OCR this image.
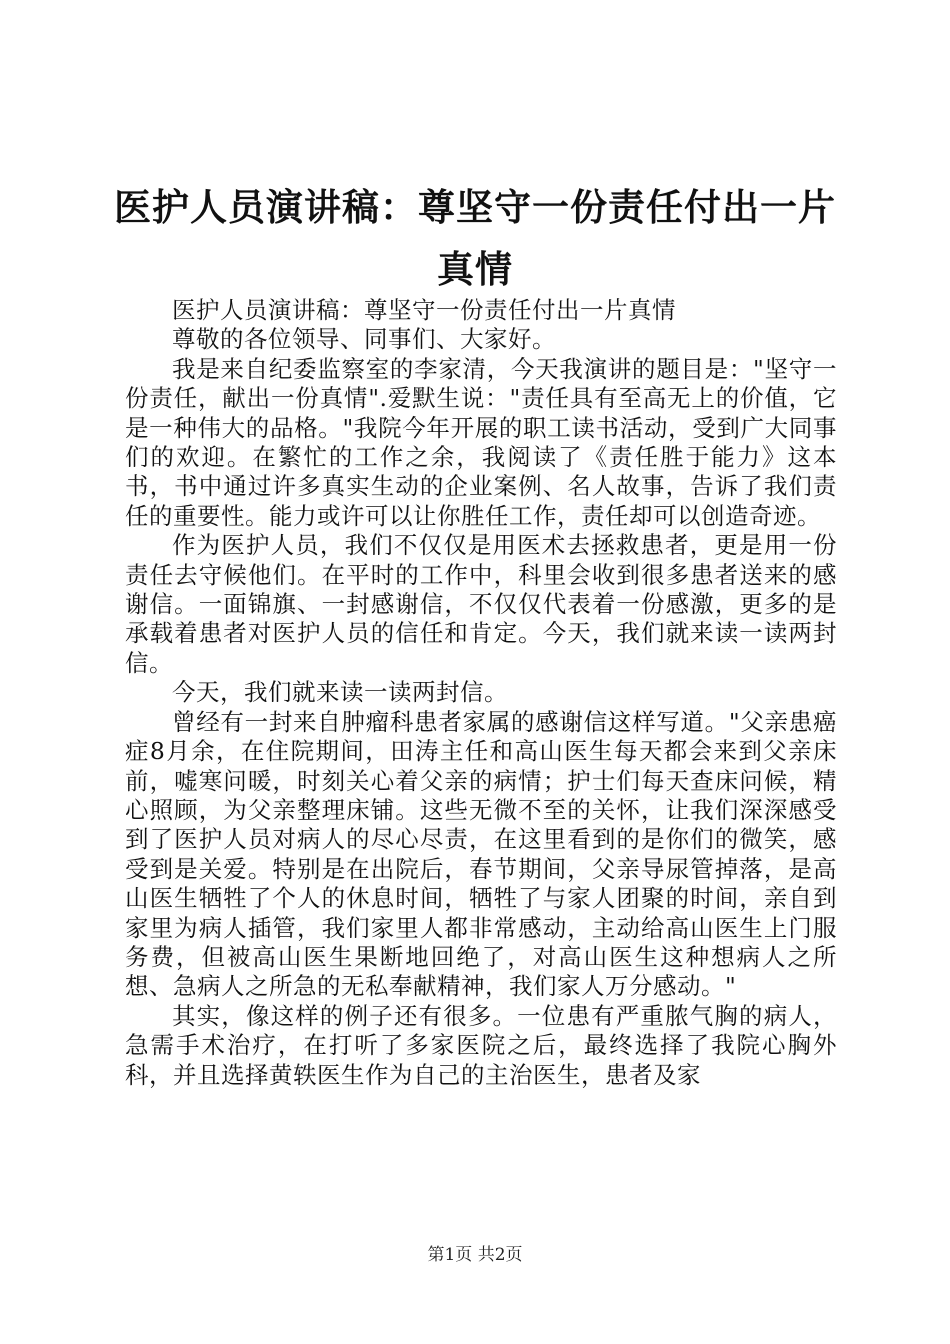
医护人员演讲稿：尊坚守一份责任付出一片真情

医护人员演讲稿：尊坚守一份责任付出一片真情

尊敬的各位领导、同事们、大家好。

我是来自纪委监察室的李家清，今天我演讲的题目是："坚守一份责任，献出一份真情".爱默生说："责任具有至高无上的价值，它是一种伟大的品格。"我院今年开展的职工读书活动，受到广大同事们的欢迎。在繁忙的工作之余，我阅读了《责任胜于能力》这本书，书中通过许多真实生动的企业案例、名人故事，告诉了我们责任的重要性。能力或许可以让你胜任工作，责任却可以创造奇迹。

作为医护人员，我们不仅仅是用医术去拯救患者，更是用一份责任去守候他们。在平时的工作中，科里会收到很多患者送来的感谢信。一面锦旗、一封感谢信，不仅仅代表着一份感激，更多的是承载着患者对医护人员的信任和肯定。今天，我们就来读一读两封信。

今天，我们就来读一读两封信。

曾经有一封来自肿瘤科患者家属的感谢信这样写道。"父亲患癌症8月余，在住院期间，田涛主任和高山医生每天都会来到父亲床前，嘘寒问暖，时刻关心着父亲的病情；护士们每天查床问候，精心照顾，为父亲整理床铺。这些无微不至的关怀，让我们深深感受到了医护人员对病人的尽心尽责，在这里看到的是你们的微笑，感受到是关爱。特别是在出院后，春节期间，父亲导尿管掉落，是高山医生牺牲了个人的休息时间，牺牲了与家人团聚的时间，亲自到家里为病人插管，我们家里人都非常感动，主动给高山医生上门服务费，但被高山医生果断地回绝了，对高山医生这种想病人之所想、急病人之所急的无私奉献精神，我们家人万分感动。"

其实，像这样的例子还有很多。一位患有严重脓气胸的病人，急需手术治疗，在打听了多家医院之后，最终选择了我院心胸外科，并且选择黄轶医生作为自己的主治医生，患者及家

第1页 共2页
